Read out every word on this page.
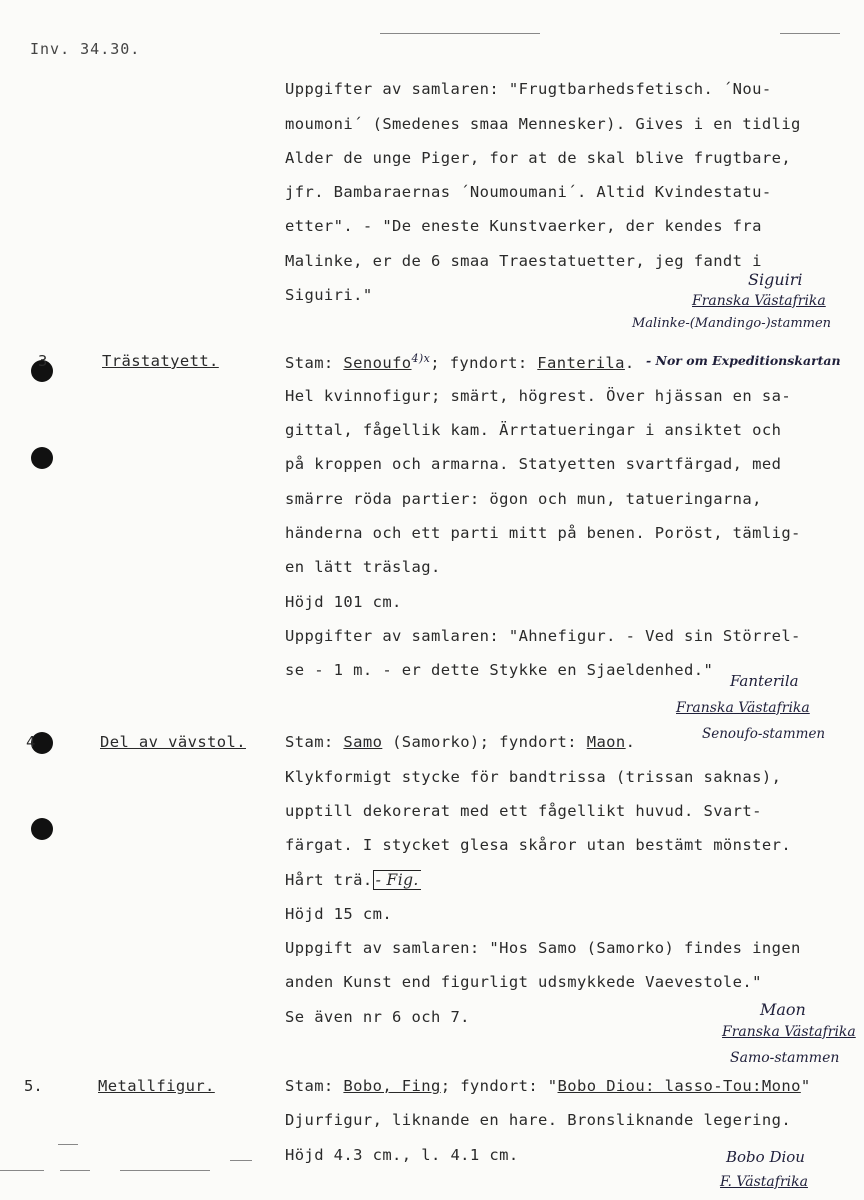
Inv. 34.30.
Uppgifter av samlaren: "Frugtbarhedsfetisch. ´Nou-
moumoni´ (Smedenes smaa Mennesker). Gives i en tidlig
Alder de unge Piger, for at de skal blive frugtbare,
jfr. Bambaraernas ´Noumoumani´. Altid Kvindestatu-
etter". - "De eneste Kunstvaerker, der kendes fra
Malinke, er de 6 smaa Traestatuetter, jeg fandt i
Siguiri."
Siguiri
Franska Västafrika
Malinke-(Mandingo-)stammen
3	Trästatyett.	Stam: Senoufo$^{4)x}$; fyndort: Fanterila. - Nor om Expeditionskartan
Hel kvinnofigur; smärt, högrest. Över hjässan en sa-
gittal, fågellik kam. Ärrtatueringar i ansiktet och
på kroppen och armarna. Statyetten svartfärgad, med
smärre röda partier: ögon och mun, tatueringarna,
händerna och ett parti mitt på benen. Poröst, tämlig-
en lätt träslag.
Höjd 101 cm.
Uppgifter av samlaren: "Ahnefigur. - Ved sin Störrel-
se - 1 m. - er dette Stykke en Sjaeldenhed."
Fanterila
Franska Västafrika
Senoufo-stammen
4	Del av vävstol.	Stam: Samo (Samorko); fyndort: Maon.
Klykformigt stycke för bandtrissa (trissan saknas),
upptill dekorerat med ett fågellikt huvud. Svart-
färgat. I stycket glesa skåror utan bestämt mönster.
Hårt trä. - Fig.
Höjd 15 cm.
Uppgift av samlaren: "Hos Samo (Samorko) findes ingen
anden Kunst end figurligt udsmykkede Vaevestole."
Se även nr 6 och 7.	Maon
Franska Västafrika
Samo-stammen
5.	Metallfigur.	Stam: Bobo, Fing; fyndort: "Bobo Diou: lasso-Tou:Mono"
Djurfigur, liknande en hare. Bronsliknande legering.
Höjd 4.3 cm., l. 4.1 cm.	Bobo Diou
F. Västafrika
